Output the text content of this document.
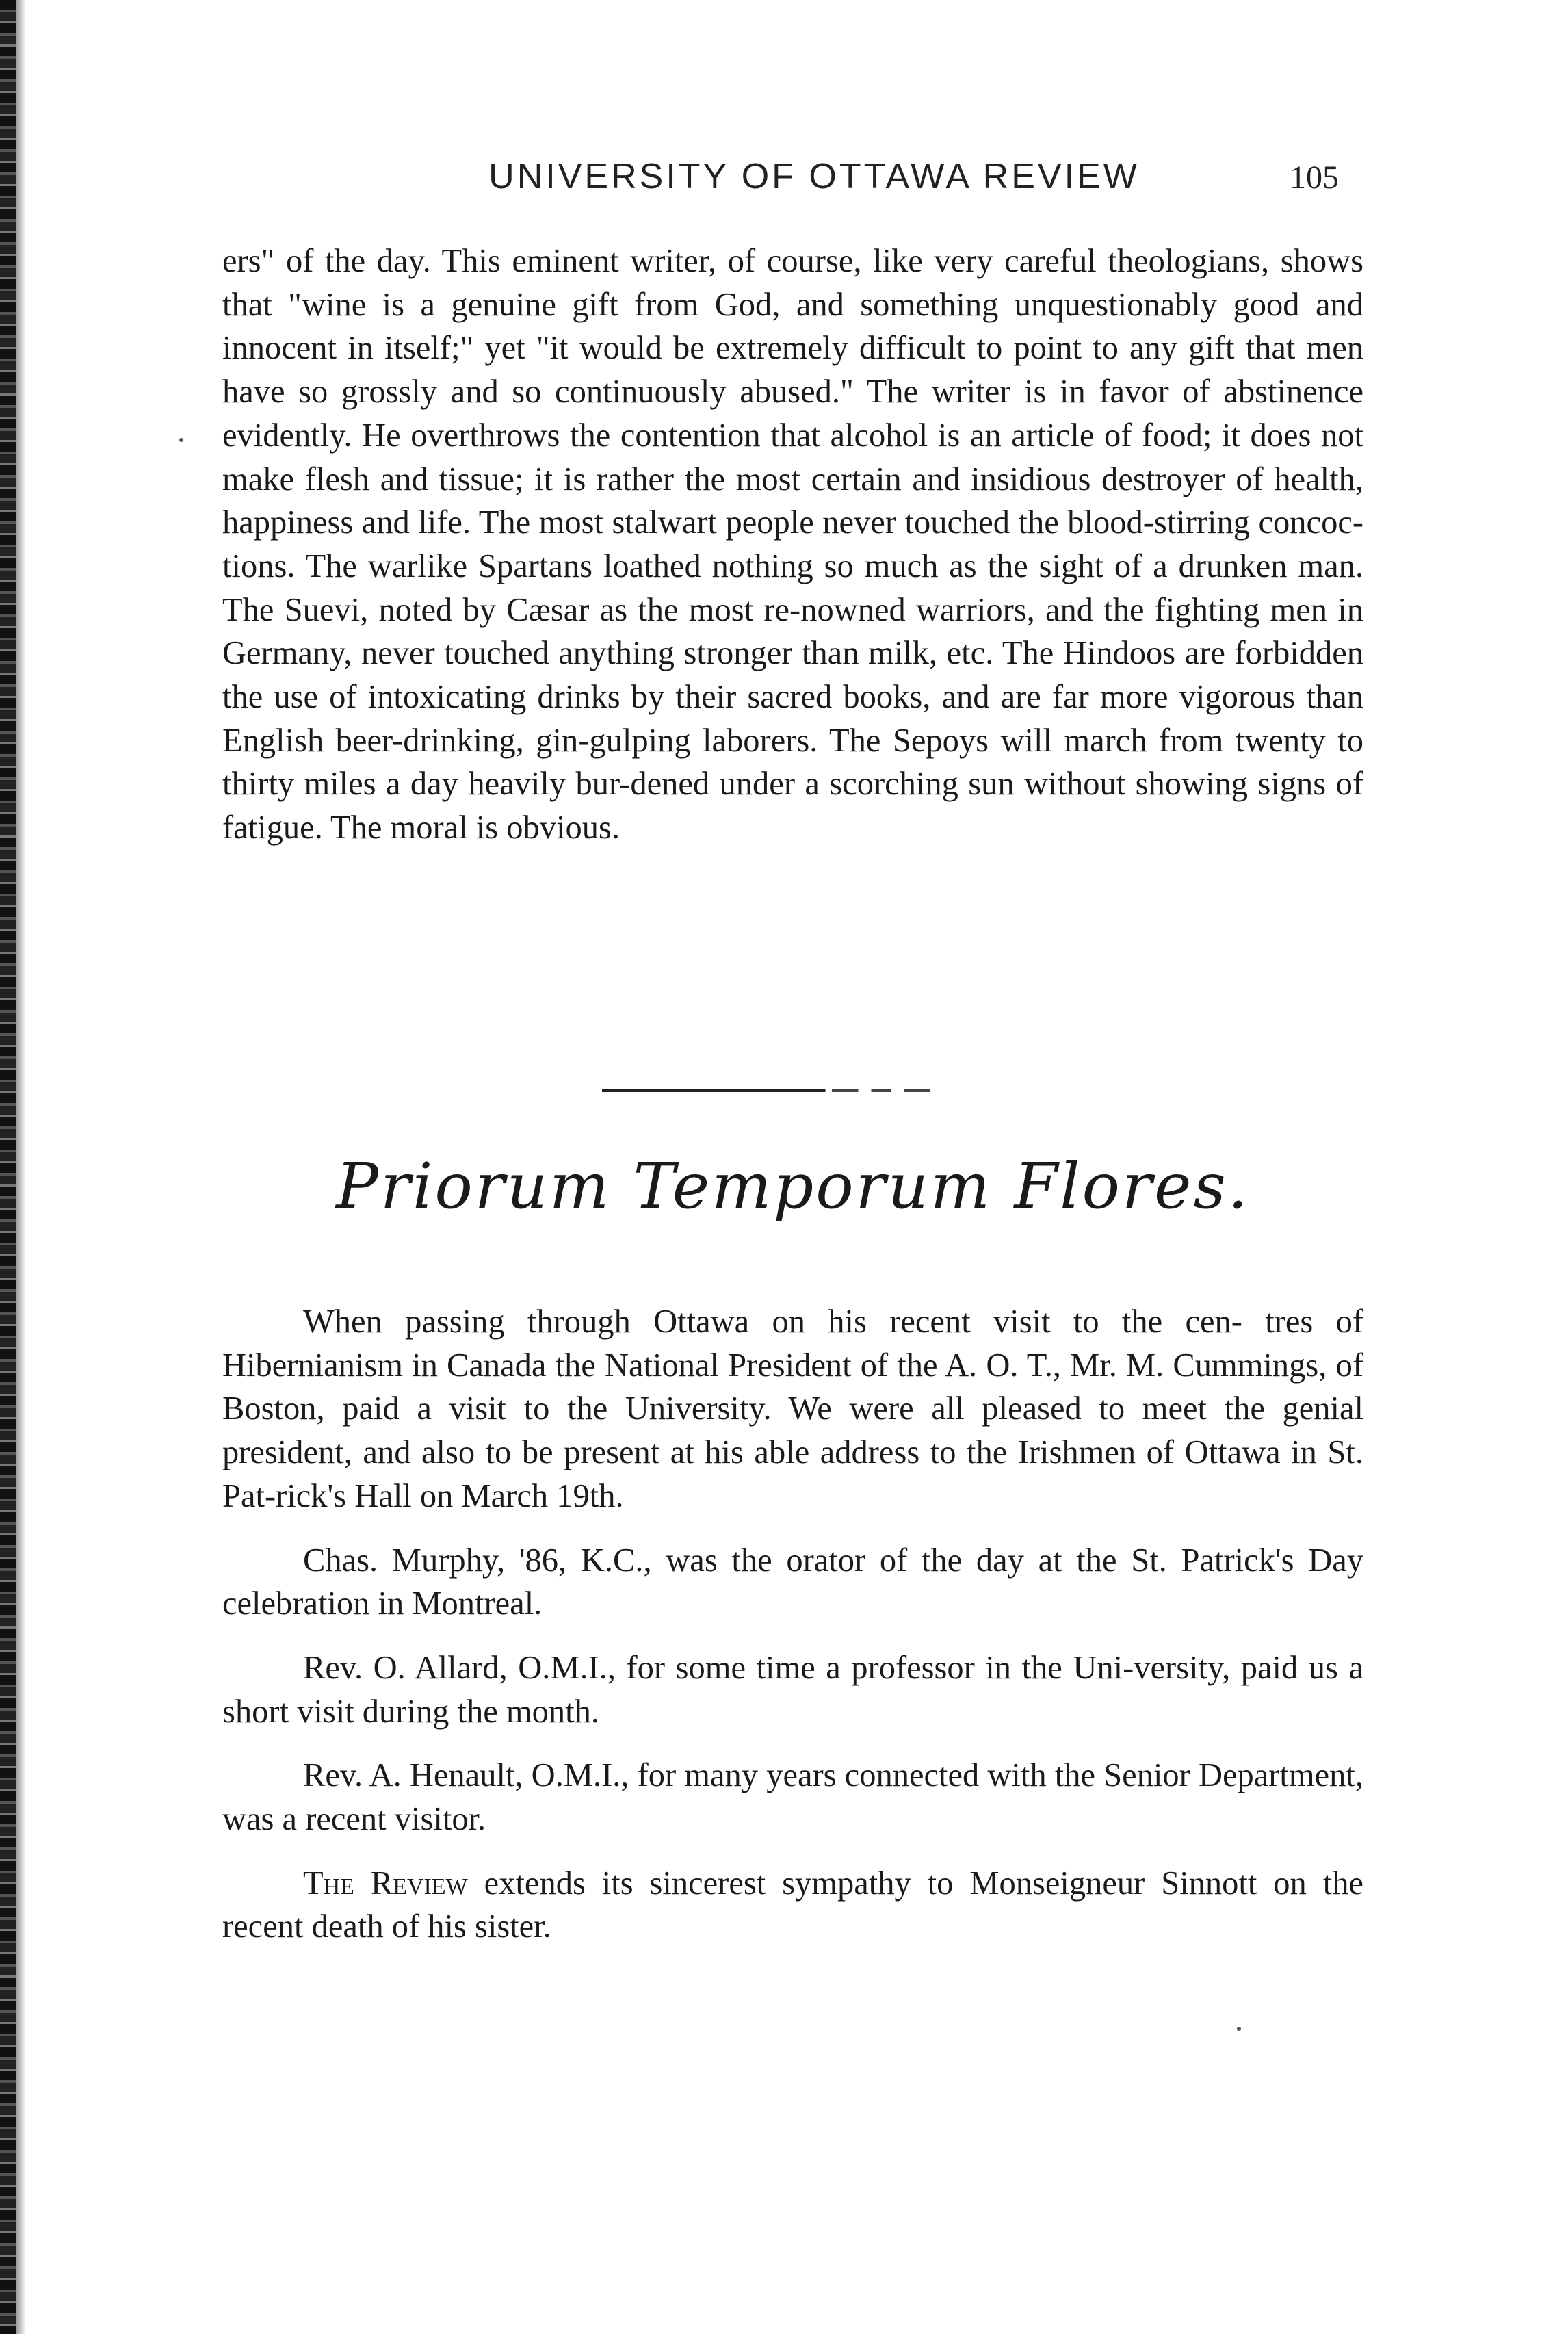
UNIVERSITY OF OTTAWA REVIEW	105

ers" of the day. This eminent writer, of course, like very careful theologians, shows that "wine is a genuine gift from God, and something unquestionably good and innocent in itself;" yet "it would be extremely difficult to point to any gift that men have so grossly and so continuously abused." The writer is in favor of abstinence evidently. He overthrows the contention that alcohol is an article of food; it does not make flesh and tissue; it is rather the most certain and insidious destroyer of health, happiness and life. The most stalwart people never touched the blood-stirring concoc-tions. The warlike Spartans loathed nothing so much as the sight of a drunken man. The Suevi, noted by Cæsar as the most re-nowned warriors, and the fighting men in Germany, never touched anything stronger than milk, etc. The Hindoos are forbidden the use of intoxicating drinks by their sacred books, and are far more vigorous than English beer-drinking, gin-gulping laborers. The Sepoys will march from twenty to thirty miles a day heavily bur-dened under a scorching sun without showing signs of fatigue. The moral is obvious.

Priorum Temporum Flores.

When passing through Ottawa on his recent visit to the cen- tres of Hibernianism in Canada the National President of the A. O. T., Mr. M. Cummings, of Boston, paid a visit to the University. We were all pleased to meet the genial president, and also to be present at his able address to the Irishmen of Ottawa in St. Pat-rick's Hall on March 19th.

Chas. Murphy, '86, K.C., was the orator of the day at the St. Patrick's Day celebration in Montreal.

Rev. O. Allard, O.M.I., for some time a professor in the Uni-versity, paid us a short visit during the month.

Rev. A. Henault, O.M.I., for many years connected with the Senior Department, was a recent visitor.

The Review extends its sincerest sympathy to Monseigneur Sinnott on the recent death of his sister.
